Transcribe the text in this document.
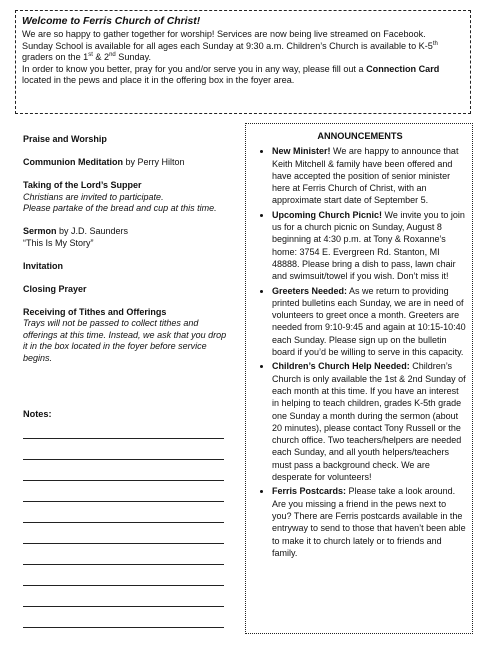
Welcome to Ferris Church of Christ!

We are so happy to gather together for worship! Services are now being live streamed on Facebook.

Sunday School is available for all ages each Sunday at 9:30 a.m. Children’s Church is available to K-5th graders on the 1st & 2nd Sunday.

In order to know you better, pray for you and/or serve you in any way, please fill out a Connection Card located in the pews and place it in the offering box in the foyer area.

Praise and Worship
Communion Meditation by Perry Hilton
Taking of the Lord’s Supper
Christians are invited to participate.
Please partake of the bread and cup at this time.
Sermon by J.D. Saunders
“This Is My Story”
Invitation
Closing Prayer
Receiving of Tithes and Offerings
Trays will not be passed to collect tithes and offerings at this time. Instead, we ask that you drop it in the box located in the foyer before service begins.
Notes:
ANNOUNCEMENTS
• New Minister! We are happy to announce that Keith Mitchell & family have been offered and have accepted the position of senior minister here at Ferris Church of Christ, with an approximate start date of September 5.
• Upcoming Church Picnic! We invite you to join us for a church picnic on Sunday, August 8 beginning at 4:30 p.m. at Tony & Roxanne’s home: 3754 E. Evergreen Rd. Stanton, MI 48888. Please bring a dish to pass, lawn chair and swimsuit/towel if you wish. Don’t miss it!
• Greeters Needed: As we return to providing printed bulletins each Sunday, we are in need of volunteers to greet once a month. Greeters are needed from 9:10-9:45 and again at 10:15-10:40 each Sunday. Please sign up on the bulletin board if you’d be willing to serve in this capacity.
• Children’s Church Help Needed: Children’s Church is only available the 1st & 2nd Sunday of each month at this time. If you have an interest in helping to teach children, grades K-5th grade one Sunday a month during the sermon (about 20 minutes), please contact Tony Russell or the church office. Two teachers/helpers are needed each Sunday, and all youth helpers/teachers must pass a background check. We are desperate for volunteers!
• Ferris Postcards: Please take a look around. Are you missing a friend in the pews next to you? There are Ferris postcards available in the entryway to send to those that haven’t been able to make it to church lately or to friends and family.
